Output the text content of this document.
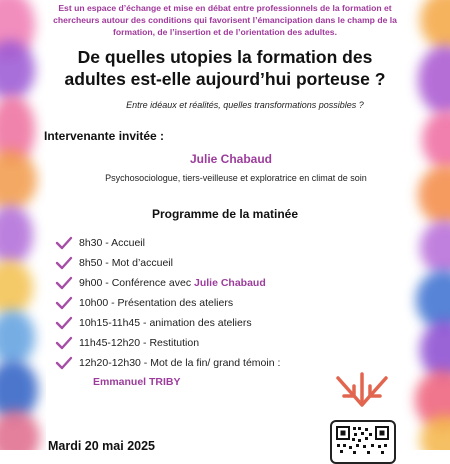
Est un espace d’échange et mise en débat entre professionnels de la formation et
chercheurs autour des conditions qui favorisent l’émancipation dans le champ de la
formation, de l’insertion et de l’orientation des adultes.

De quelles utopies la formation des
adultes est-elle aujourd’hui porteuse ?

Entre idéaux et réalités, quelles transformations possibles ?

Intervenante invitée :
Julie Chabaud
Psychosociologue, tiers-veilleuse et exploratrice en climat de soin
Programme de la matinée
8h30 - Accueil
8h50 - Mot d’accueil
9h00 - Conférence avec Julie Chabaud
10h00 - Présentation des ateliers
10h15-11h45 - animation des ateliers
11h45-12h20 - Restitution
12h20-12h30 - Mot de la fin/ grand témoin :
Emmanuel TRIBY
Mardi 20 mai 2025
